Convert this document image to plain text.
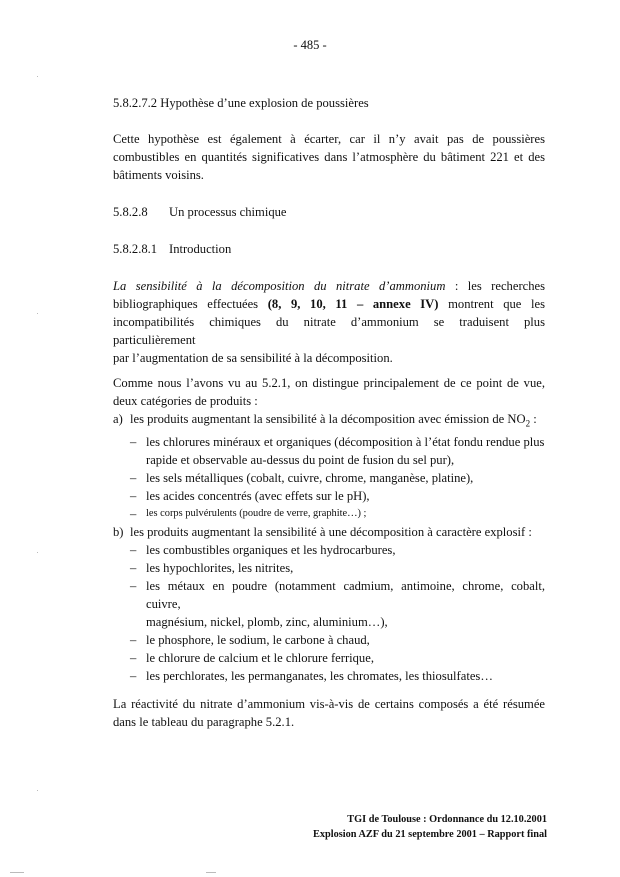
- 485 -
5.8.2.7.2 Hypothèse d’une explosion de poussières
Cette hypothèse est également à écarter, car il n’y avait pas de poussières
combustibles en quantités significatives dans l’atmosphère du bâtiment 221 et des
bâtiments voisins.
5.8.2.8 Un processus chimique
5.8.2.8.1 Introduction
La sensibilité à la décomposition du nitrate d’ammonium : les recherches
bibliographiques effectuées (8, 9, 10, 11 – annexe IV) montrent que les
incompatibilités chimiques du nitrate d’ammonium se traduisent plus particulièrement
par l’augmentation de sa sensibilité à la décomposition.
Comme nous l’avons vu au 5.2.1, on distingue principalement de ce point de vue,
deux catégories de produits :
a) les produits augmentant la sensibilité à la décomposition avec émission de $NO_2$ :
– les chlorures minéraux et organiques (décomposition à l’état fondu rendue plus
rapide et observable au-dessus du point de fusion du sel pur),
– les sels métalliques (cobalt, cuivre, chrome, manganèse, platine),
– les acides concentrés (avec effets sur le pH),
– les corps pulvérulents (poudre de verre, graphite…) ;
b) les produits augmentant la sensibilité à une décomposition à caractère explosif :
– les combustibles organiques et les hydrocarbures,
– les hypochlorites, les nitrites,
– les métaux en poudre (notamment cadmium, antimoine, chrome, cobalt, cuivre,
magnésium, nickel, plomb, zinc, aluminium…),
– le phosphore, le sodium, le carbone à chaud,
– le chlorure de calcium et le chlorure ferrique,
– les perchlorates, les permanganates, les chromates, les thiosulfates…
La réactivité du nitrate d’ammonium vis-à-vis de certains composés a été résumée
dans le tableau du paragraphe 5.2.1.
TGI de Toulouse : Ordonnance du 12.10.2001
Explosion AZF du 21 septembre 2001 – Rapport final
